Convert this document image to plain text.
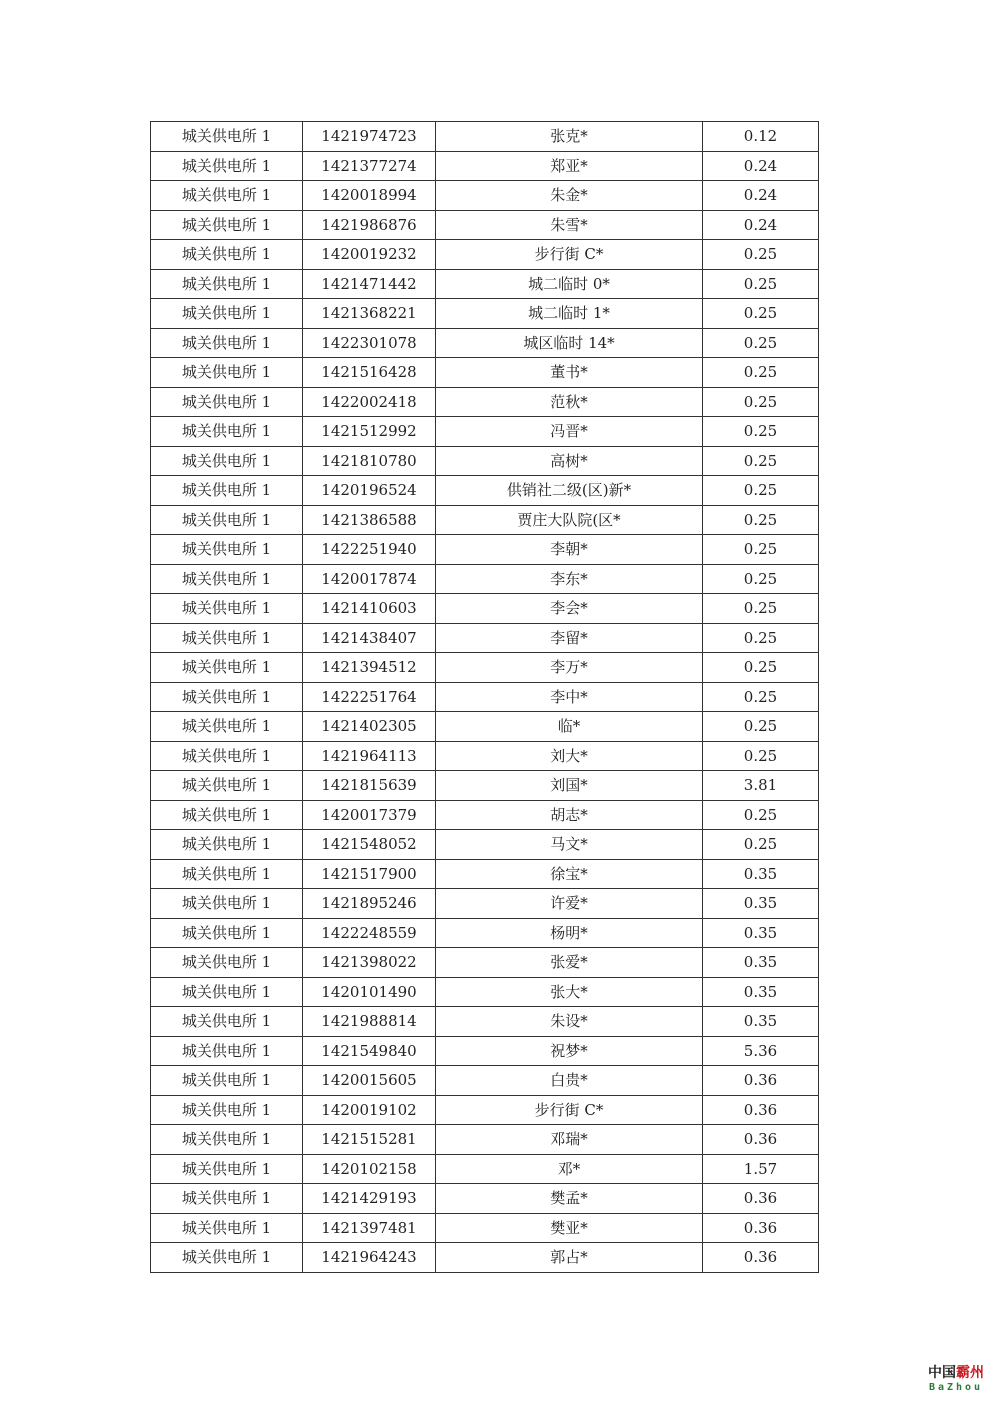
城关供电所 1	1421974723	张克*	0.12
城关供电所 1	1421377274	郑亚*	0.24
城关供电所 1	1420018994	朱金*	0.24
城关供电所 1	1421986876	朱雪*	0.24
城关供电所 1	1420019232	步行街 C*	0.25
城关供电所 1	1421471442	城二临时 0*	0.25
城关供电所 1	1421368221	城二临时 1*	0.25
城关供电所 1	1422301078	城区临时 14*	0.25
城关供电所 1	1421516428	董书*	0.25
城关供电所 1	1422002418	范秋*	0.25
城关供电所 1	1421512992	冯晋*	0.25
城关供电所 1	1421810780	高树*	0.25
城关供电所 1	1420196524	供销社二级(区)新*	0.25
城关供电所 1	1421386588	贾庄大队院(区*	0.25
城关供电所 1	1422251940	李朝*	0.25
城关供电所 1	1420017874	李东*	0.25
城关供电所 1	1421410603	李会*	0.25
城关供电所 1	1421438407	李留*	0.25
城关供电所 1	1421394512	李万*	0.25
城关供电所 1	1422251764	李中*	0.25
城关供电所 1	1421402305	临*	0.25
城关供电所 1	1421964113	刘大*	0.25
城关供电所 1	1421815639	刘国*	3.81
城关供电所 1	1420017379	胡志*	0.25
城关供电所 1	1421548052	马文*	0.25
城关供电所 1	1421517900	徐宝*	0.35
城关供电所 1	1421895246	许爱*	0.35
城关供电所 1	1422248559	杨明*	0.35
城关供电所 1	1421398022	张爱*	0.35
城关供电所 1	1420101490	张大*	0.35
城关供电所 1	1421988814	朱设*	0.35
城关供电所 1	1421549840	祝梦*	5.36
城关供电所 1	1420015605	白贵*	0.36
城关供电所 1	1420019102	步行街 C*	0.36
城关供电所 1	1421515281	邓瑞*	0.36
城关供电所 1	1420102158	邓*	1.57
城关供电所 1	1421429193	樊孟*	0.36
城关供电所 1	1421397481	樊亚*	0.36
城关供电所 1	1421964243	郭占*	0.36
中国霸州
BaZhou
